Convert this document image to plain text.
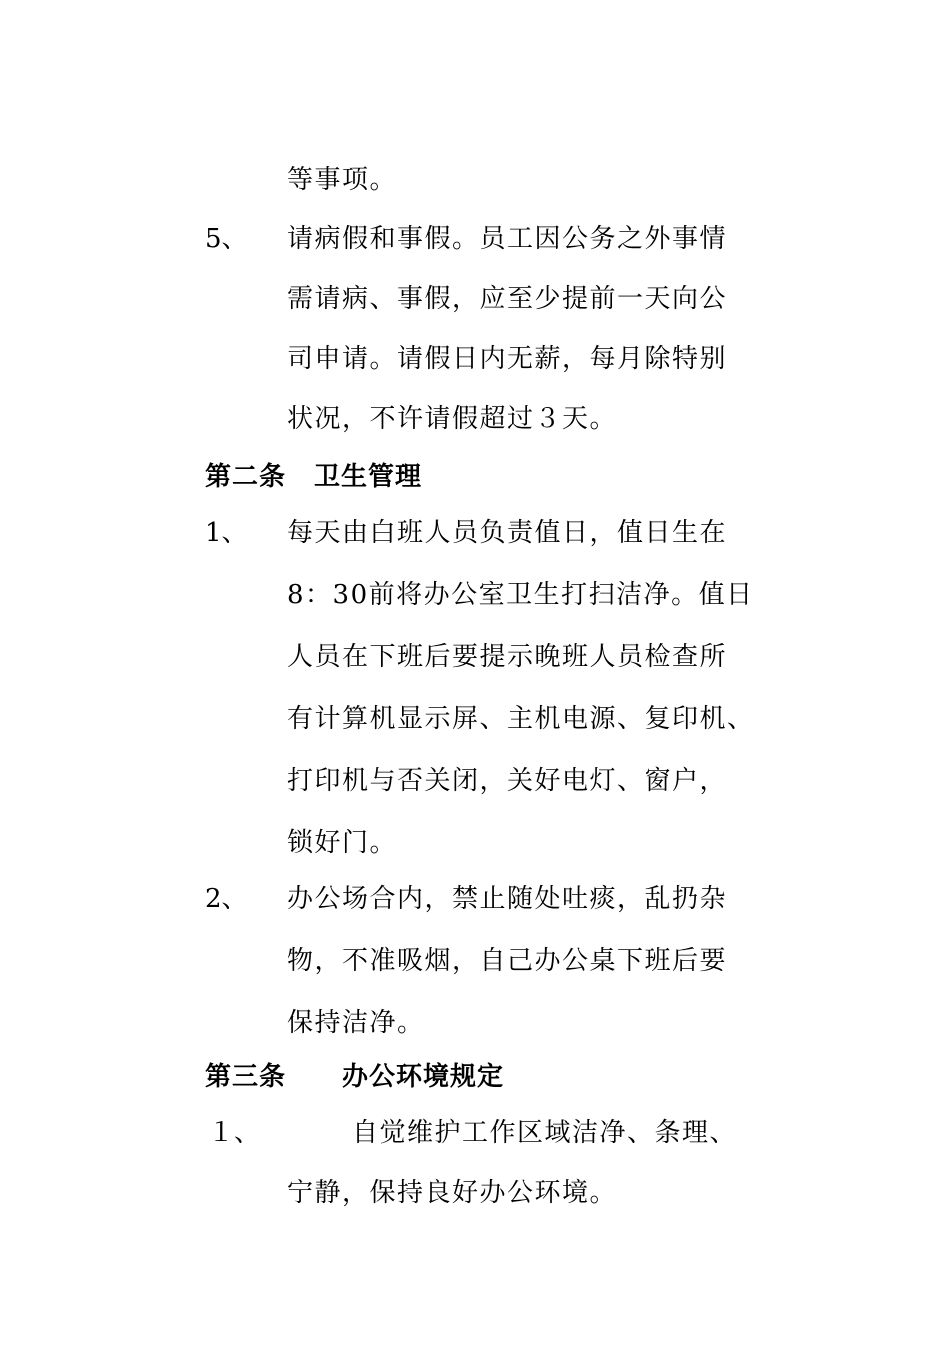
等事项。
5、 请病假和事假。员工因公务之外事情
需请病、事假，应至少提前一天向公
司申请。请假日内无薪，每月除特别
状况，不许请假超过３天。
第二条 卫生管理
1、 每天由白班人员负责值日，值日生在
8：30前将办公室卫生打扫洁净。值日
人员在下班后要提示晚班人员检查所
有计算机显示屏、主机电源、复印机、
打印机与否关闭，关好电灯、窗户，
锁好门。
2、 办公场合内，禁止随处吐痰，乱扔杂
物，不准吸烟，自己办公桌下班后要
保持洁净。
第三条 办公环境规定
１、	自觉维护工作区域洁净、条理、
宁静，保持良好办公环境。
